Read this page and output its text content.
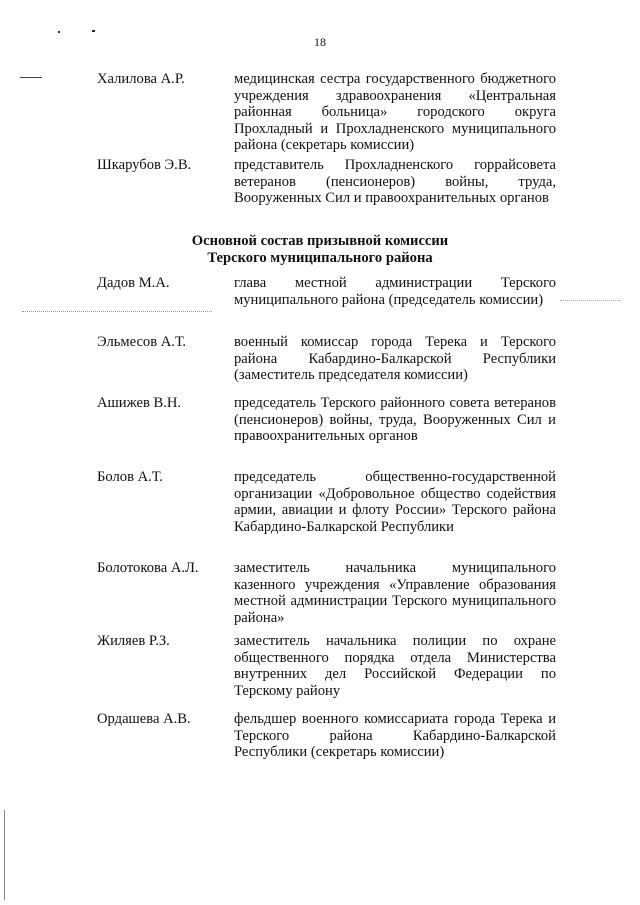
18
Халилова А.Р.	медицинская сестра государственного бюджетного учреждения здравоохранения «Центральная районная больница» городского округа Прохладный и Прохладненского муниципального района (секретарь комиссии)
Шкарубов Э.В.	представитель Прохладненского горрайсовета ветеранов (пенсионеров) войны, труда, Вооруженных Сил и правоохранительных органов
Основной состав призывной комиссии
Терского муниципального района
Дадов М.А.	глава местной администрации Терского муниципального района (председатель комиссии)
Эльмесов А.Т.	военный комиссар города Терека и Терского района Кабардино-Балкарской Республики (заместитель председателя комиссии)
Ашижев В.Н.	председатель Терского районного совета ветеранов (пенсионеров) войны, труда, Вооруженных Сил и правоохранительных органов
Болов А.Т.	председатель общественно-государственной организации «Добровольное общество содействия армии, авиации и флоту России» Терского района Кабардино-Балкарской Республики
Болотокова А.Л.	заместитель начальника муниципального казенного учреждения «Управление образования местной администрации Терского муниципального района»
Жиляев Р.З.	заместитель начальника полиции по охране общественного порядка отдела Министерства внутренних дел Российской Федерации по Терскому району
Ордашева А.В.	фельдшер военного комиссариата города Терека и Терского района Кабардино-Балкарской Республики (секретарь комиссии)
